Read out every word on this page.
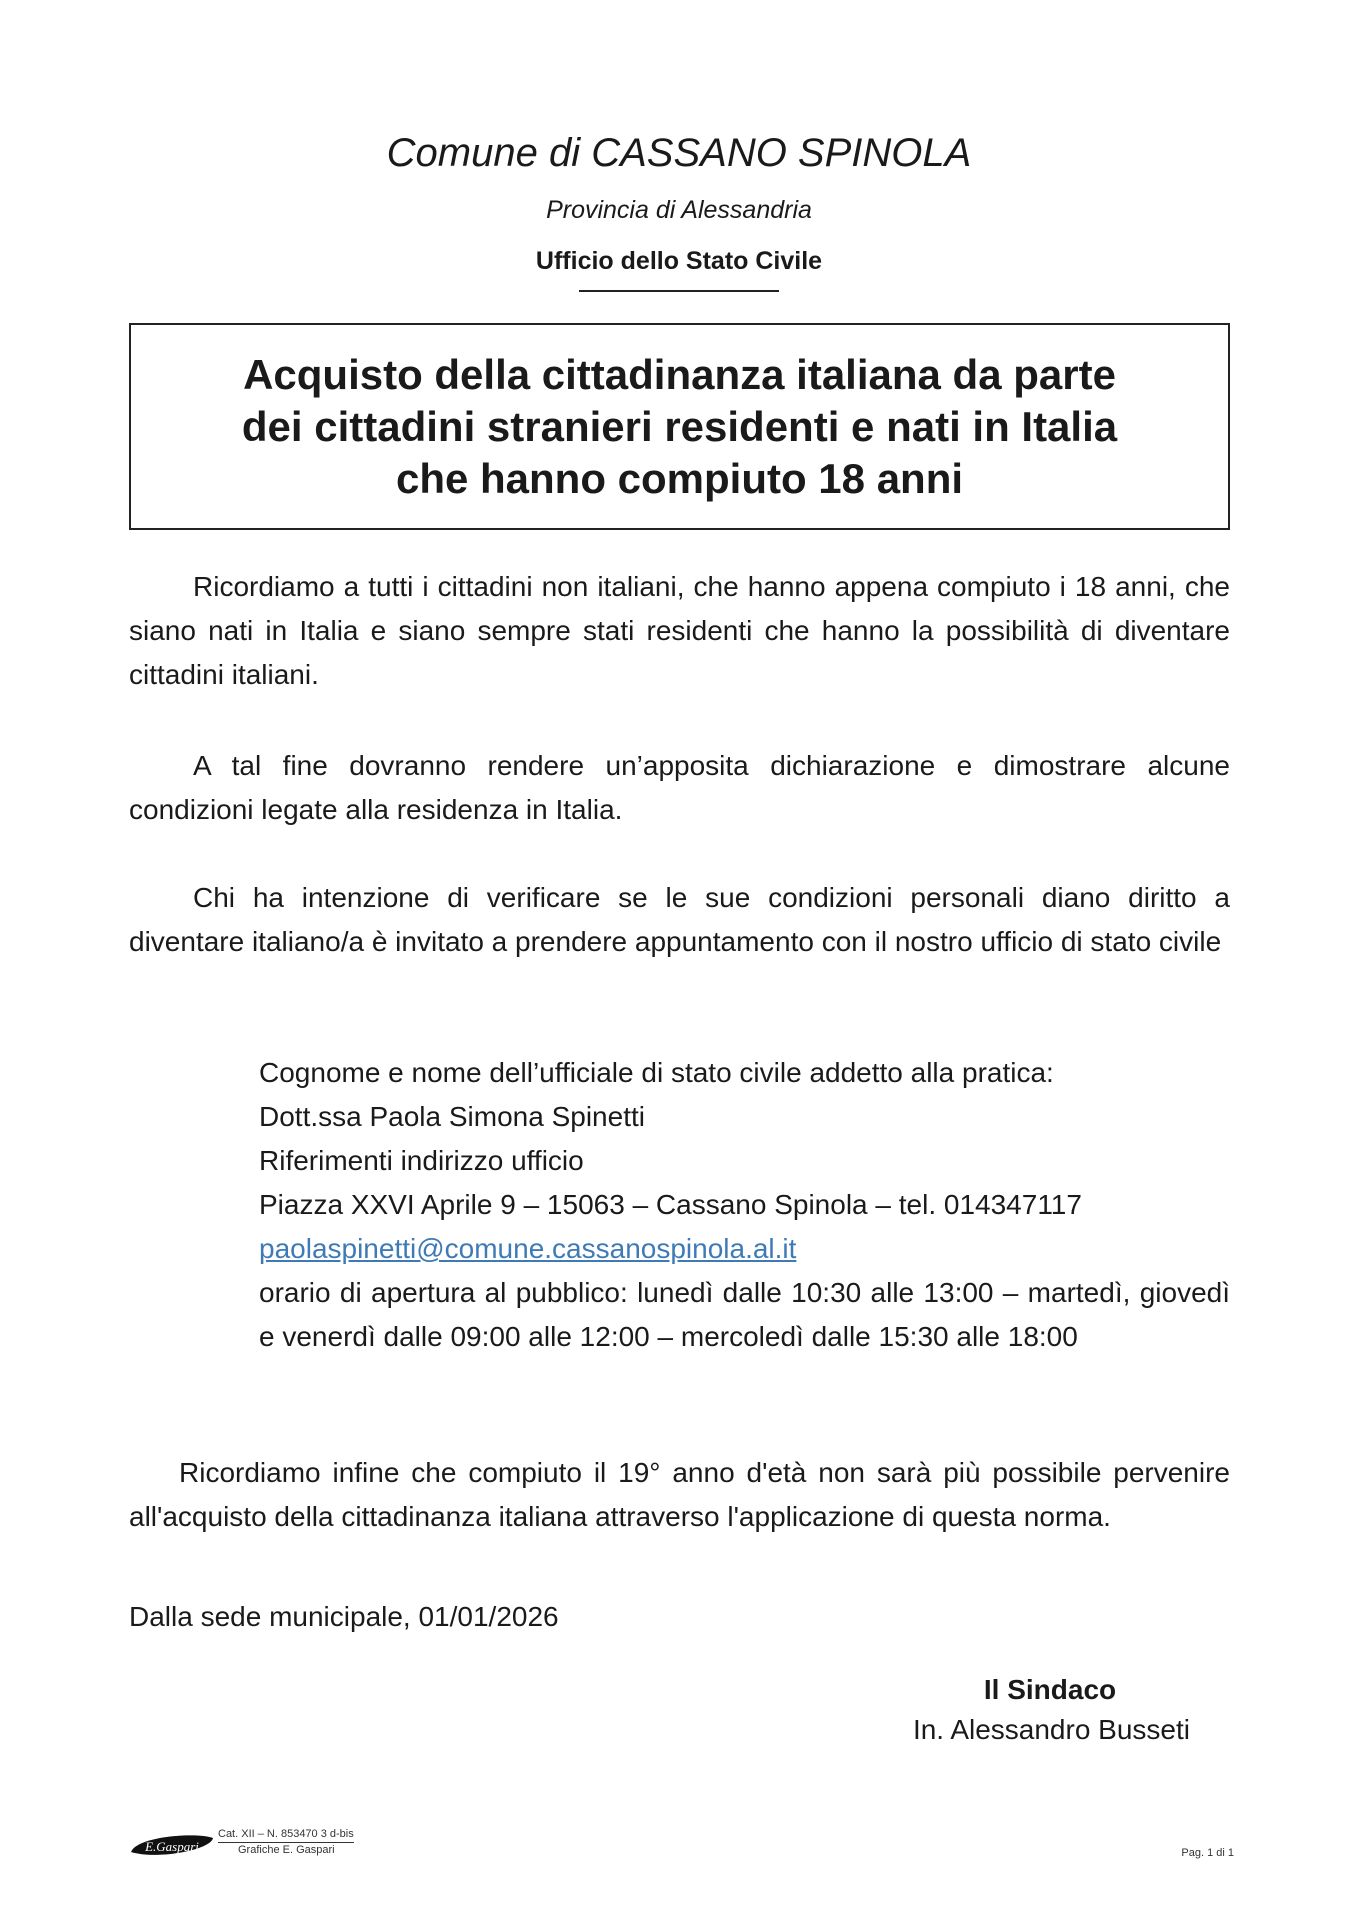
Comune di CASSANO SPINOLA
Provincia di Alessandria
Ufficio dello Stato Civile
Acquisto della cittadinanza italiana da parte
dei cittadini stranieri residenti e nati in Italia
che hanno compiuto 18 anni
Ricordiamo a tutti i cittadini non italiani, che hanno appena compiuto i 18 anni, che siano nati in Italia e siano sempre stati residenti che hanno la possibilità di diventare cittadini italiani.
A tal fine dovranno rendere un’apposita dichiarazione e dimostrare alcune condizioni legate alla residenza in Italia.
Chi ha intenzione di verificare se le sue condizioni personali diano diritto a diventare italiano/a è invitato a prendere appuntamento con il nostro ufficio di stato civile
Cognome e nome dell’ufficiale di stato civile addetto alla pratica:
Dott.ssa Paola Simona Spinetti
Riferimenti indirizzo ufficio
Piazza XXVI Aprile 9 – 15063 – Cassano Spinola – tel. 014347117
paolaspinetti@comune.cassanospinola.al.it
orario di apertura al pubblico: lunedì dalle 10:30 alle 13:00 – martedì, giovedì e venerdì dalle 09:00 alle 12:00 – mercoledì dalle 15:30 alle 18:00
Ricordiamo infine che compiuto il 19° anno d'età non sarà più possibile pervenire all'acquisto della cittadinanza italiana attraverso l'applicazione di questa norma.
Dalla sede municipale, 01/01/2026
Il Sindaco
In. Alessandro Busseti
E.Gaspari
Cat. XII – N. 853470 3 d-bis
Grafiche E. Gaspari	Pag. 1 di 1
